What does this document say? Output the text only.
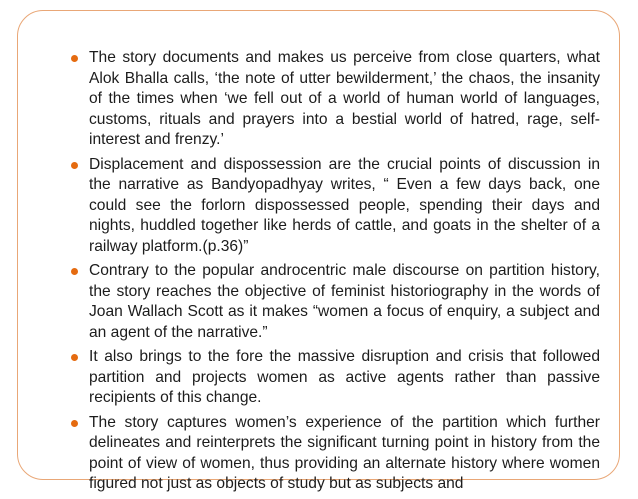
The story documents and makes us perceive from close quarters, what Alok Bhalla calls, ‘the note of utter bewilderment,’ the chaos, the insanity of the times when ‘we fell out of a world of human world of languages, customs, rituals and prayers into a bestial world of hatred, rage, self-interest and frenzy.’
Displacement and dispossession are the crucial points of discussion in the narrative as Bandyopadhyay writes, “ Even a few days back, one could see the forlorn dispossessed people, spending their days and nights, huddled together like herds of cattle, and goats in the shelter of a railway platform.(p.36)”
Contrary to the popular androcentric male discourse on partition history, the story reaches the objective of feminist historiography in the words of Joan Wallach Scott as it makes “women a focus of enquiry, a subject and an agent of the narrative.”
It also brings to the fore the massive disruption and crisis that followed partition and projects women as active agents rather than passive recipients of this change.
The story captures women’s experience of the partition which further delineates and reinterprets the significant turning point in history from the point of view of women, thus providing an alternate history where women figured not just as objects of study but as subjects and
